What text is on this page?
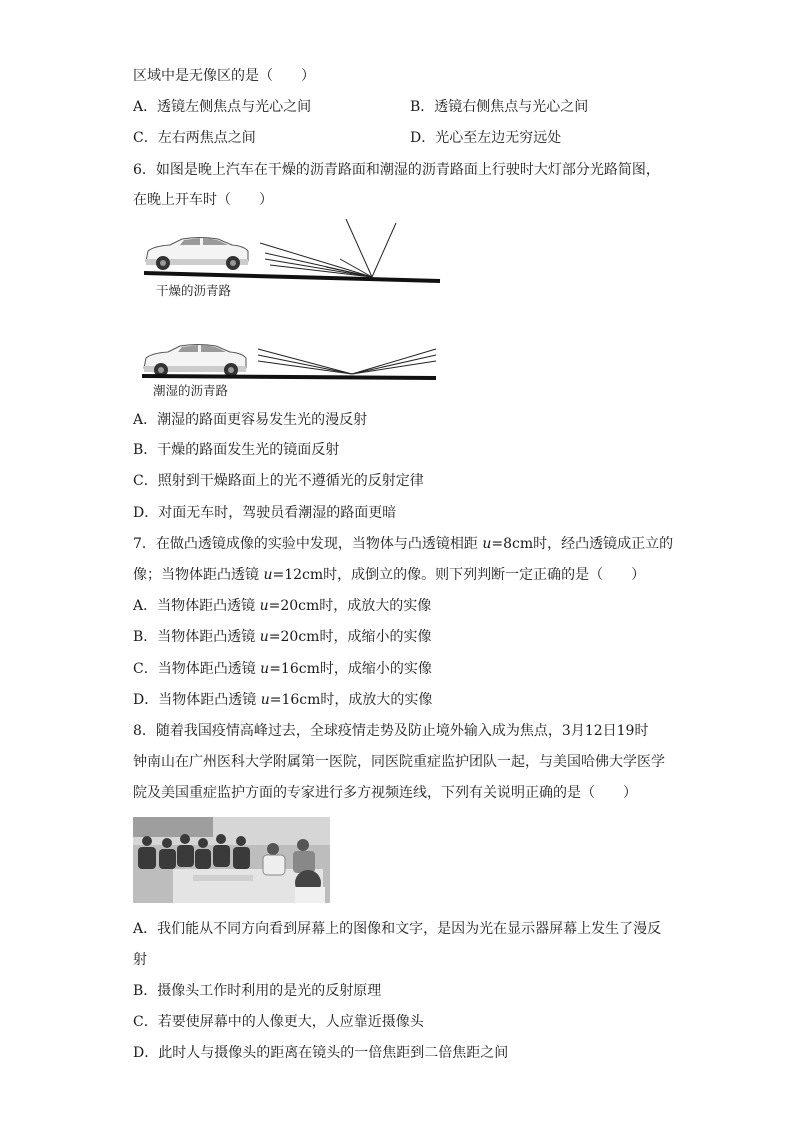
区域中是无像区的是（　　）
A．透镜左侧焦点与光心之间	B．透镜右侧焦点与光心之间
C．左右两焦点之间	D．光心至左边无穷远处
6．如图是晚上汽车在干燥的沥青路面和潮湿的沥青路面上行驶时大灯部分光路简图，
在晚上开车时（　　）
干燥的沥青路
潮湿的沥青路
A．潮湿的路面更容易发生光的漫反射
B．干燥的路面发生光的镜面反射
C．照射到干燥路面上的光不遵循光的反射定律
D．对面无车时，驾驶员看潮湿的路面更暗
7．在做凸透镜成像的实验中发现，当物体与凸透镜相距 u=8cm时，经凸透镜成正立的
像；当物体距凸透镜 u=12cm时，成倒立的像。则下列判断一定正确的是（　　）
A．当物体距凸透镜 u=20cm时，成放大的实像
B．当物体距凸透镜 u=20cm时，成缩小的实像
C．当物体距凸透镜 u=16cm时，成缩小的实像
D．当物体距凸透镜 u=16cm时，成放大的实像
8．随着我国疫情高峰过去，全球疫情走势及防止境外输入成为焦点，3月12日19时
钟南山在广州医科大学附属第一医院，同医院重症监护团队一起，与美国哈佛大学医学
院及美国重症监护方面的专家进行多方视频连线，下列有关说明正确的是（　　）
A．我们能从不同方向看到屏幕上的图像和文字，是因为光在显示器屏幕上发生了漫反
射
B．摄像头工作时利用的是光的反射原理
C．若要使屏幕中的人像更大，人应靠近摄像头
D．此时人与摄像头的距离在镜头的一倍焦距到二倍焦距之间
